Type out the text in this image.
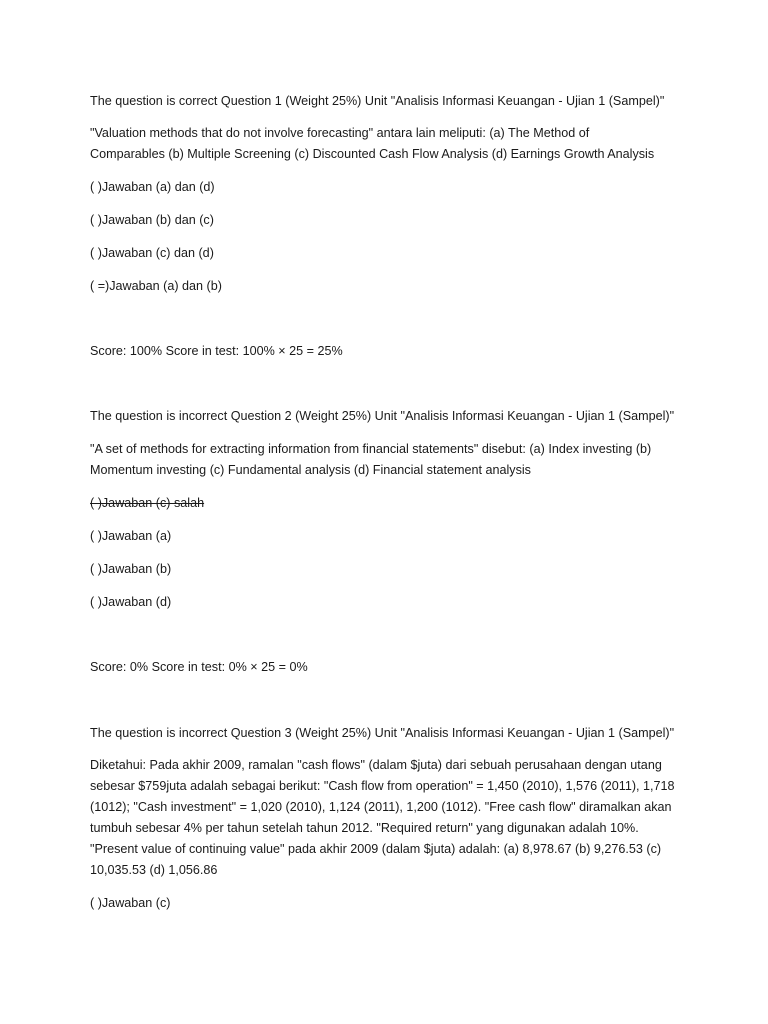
The question is correct Question 1 (Weight 25%) Unit "Analisis Informasi Keuangan - Ujian 1 (Sampel)"

"Valuation methods that do not involve forecasting" antara lain meliputi: (a) The Method of

Comparables (b) Multiple Screening (c) Discounted Cash Flow Analysis (d) Earnings Growth Analysis

( )Jawaban (a) dan (d)

( )Jawaban (b) dan (c)

( )Jawaban (c) dan (d)

( =)Jawaban (a) dan (b)

Score: 100% Score in test: 100% × 25 = 25%

The question is incorrect Question 2 (Weight 25%) Unit "Analisis Informasi Keuangan - Ujian 1 (Sampel)"

"A set of methods for extracting information from financial statements" disebut: (a) Index investing (b)

Momentum investing (c) Fundamental analysis (d) Financial statement analysis

( )Jawaban (c) salah

( )Jawaban (a)

( )Jawaban (b)

( )Jawaban (d)

Score: 0% Score in test: 0% × 25 = 0%

The question is incorrect Question 3 (Weight 25%) Unit "Analisis Informasi Keuangan - Ujian 1 (Sampel)"

Diketahui: Pada akhir 2009, ramalan "cash flows" (dalam $juta) dari sebuah perusahaan dengan utang

sebesar $759juta adalah sebagai berikut: "Cash flow from operation" = 1,450 (2010), 1,576 (2011), 1,718

(1012); "Cash investment" = 1,020 (2010), 1,124 (2011), 1,200 (1012). "Free cash flow" diramalkan akan

tumbuh sebesar 4% per tahun setelah tahun 2012. "Required return" yang digunakan adalah 10%.

"Present value of continuing value" pada akhir 2009 (dalam $juta) adalah: (a) 8,978.67 (b) 9,276.53 (c)

10,035.53 (d) 1,056.86

( )Jawaban (c)
